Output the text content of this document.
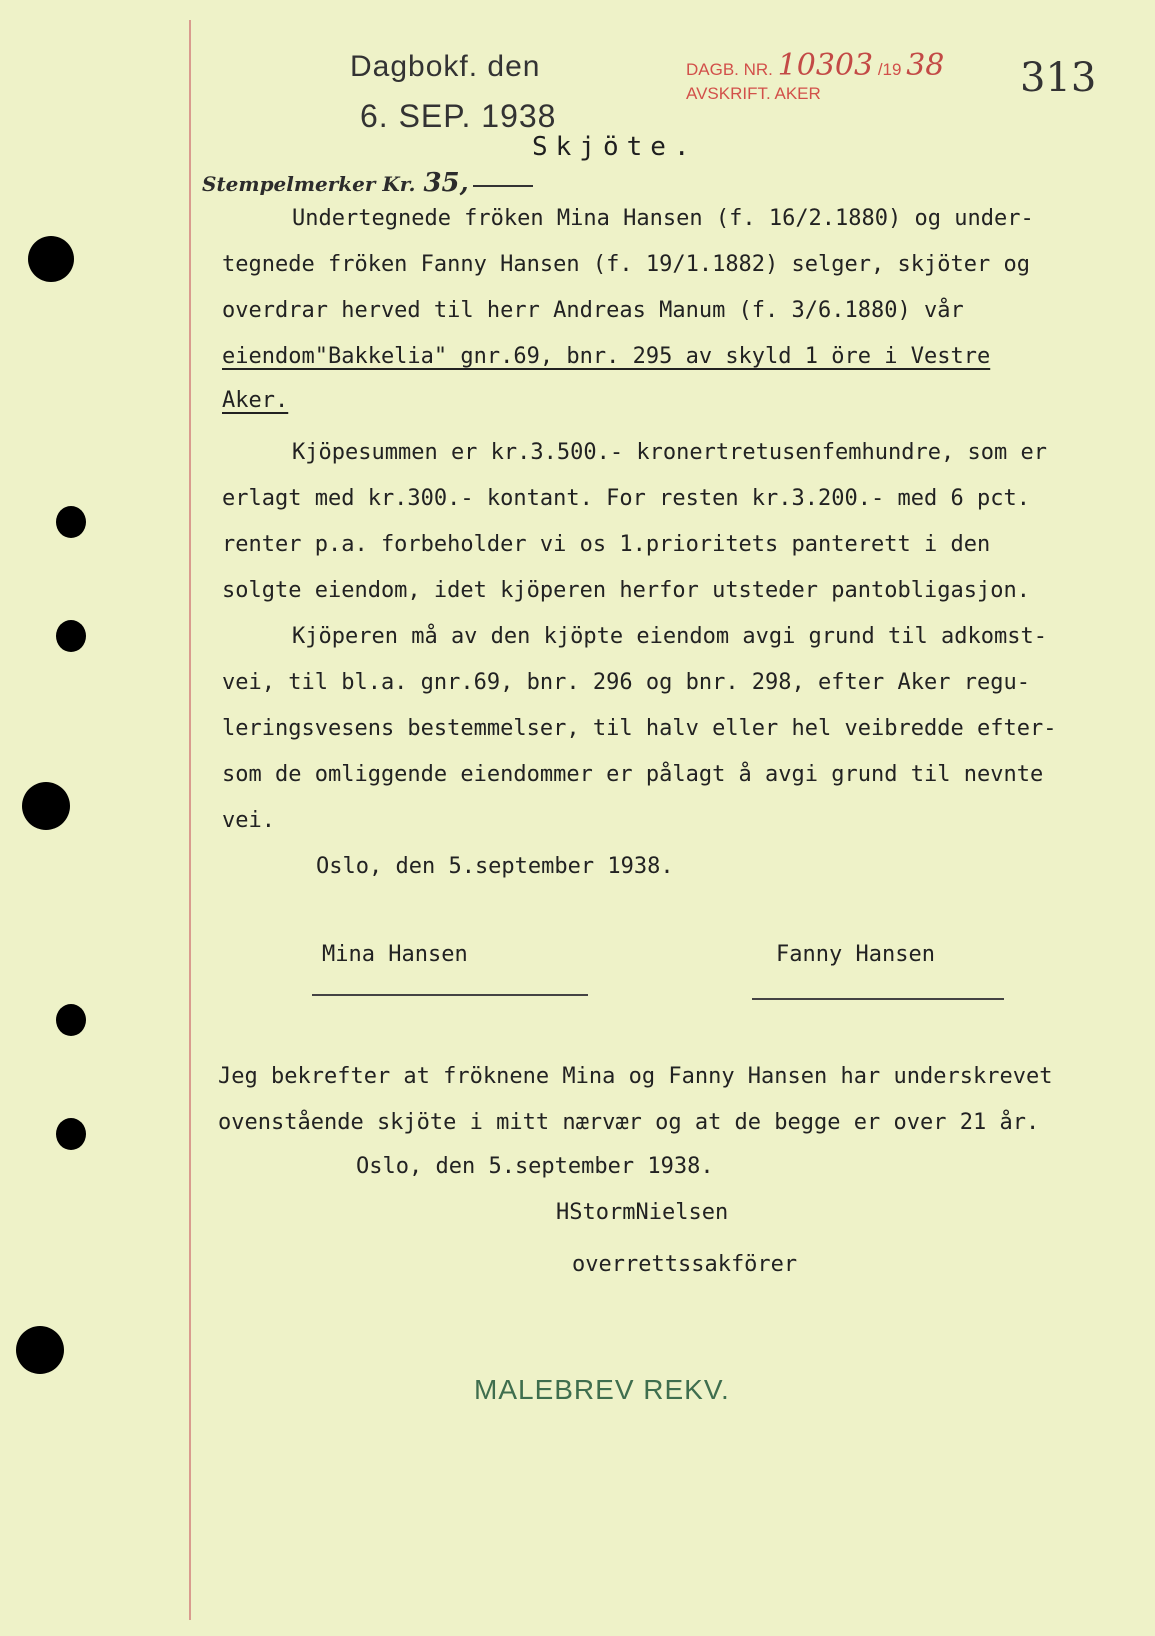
Dagbokf. den
6. SEP. 1938
DAGB. NR. 10303 /19 38
AVSKRIFT. AKER	313
Skjöte.
Stempelmerker Kr. 35,
Undertegnede fröken Mina Hansen (f. 16/2.1880) og under-
tegnede fröken Fanny Hansen (f. 19/1.1882) selger, skjöter og
overdrar herved til herr Andreas Manum (f. 3/6.1880) vår
eiendom"Bakkelia" gnr.69, bnr. 295 av skyld 1 öre i Vestre
Aker.
Kjöpesummen er kr.3.500.- kronertretusenfemhundre, som er
erlagt med kr.300.- kontant. For resten kr.3.200.- med 6 pct.
renter p.a. forbeholder vi os 1.prioritets panterett i den
solgte eiendom, idet kjöperen herfor utsteder pantobligasjon.
Kjöperen må av den kjöpte eiendom avgi grund til adkomst-
vei, til bl.a. gnr.69, bnr. 296 og bnr. 298, efter Aker regu-
leringsvesens bestemmelser, til halv eller hel veibredde efter-
som de omliggende eiendommer er pålagt å avgi grund til nevnte
vei.
Oslo, den 5.september 1938.
Mina Hansen	Fanny Hansen
Jeg bekrefter at fröknene Mina og Fanny Hansen har underskrevet
ovenstående skjöte i mitt nærvær og at de begge er over 21 år.
Oslo, den 5.september 1938.
HStormNielsen
overrettssakförer
MALEBREV REKV.
